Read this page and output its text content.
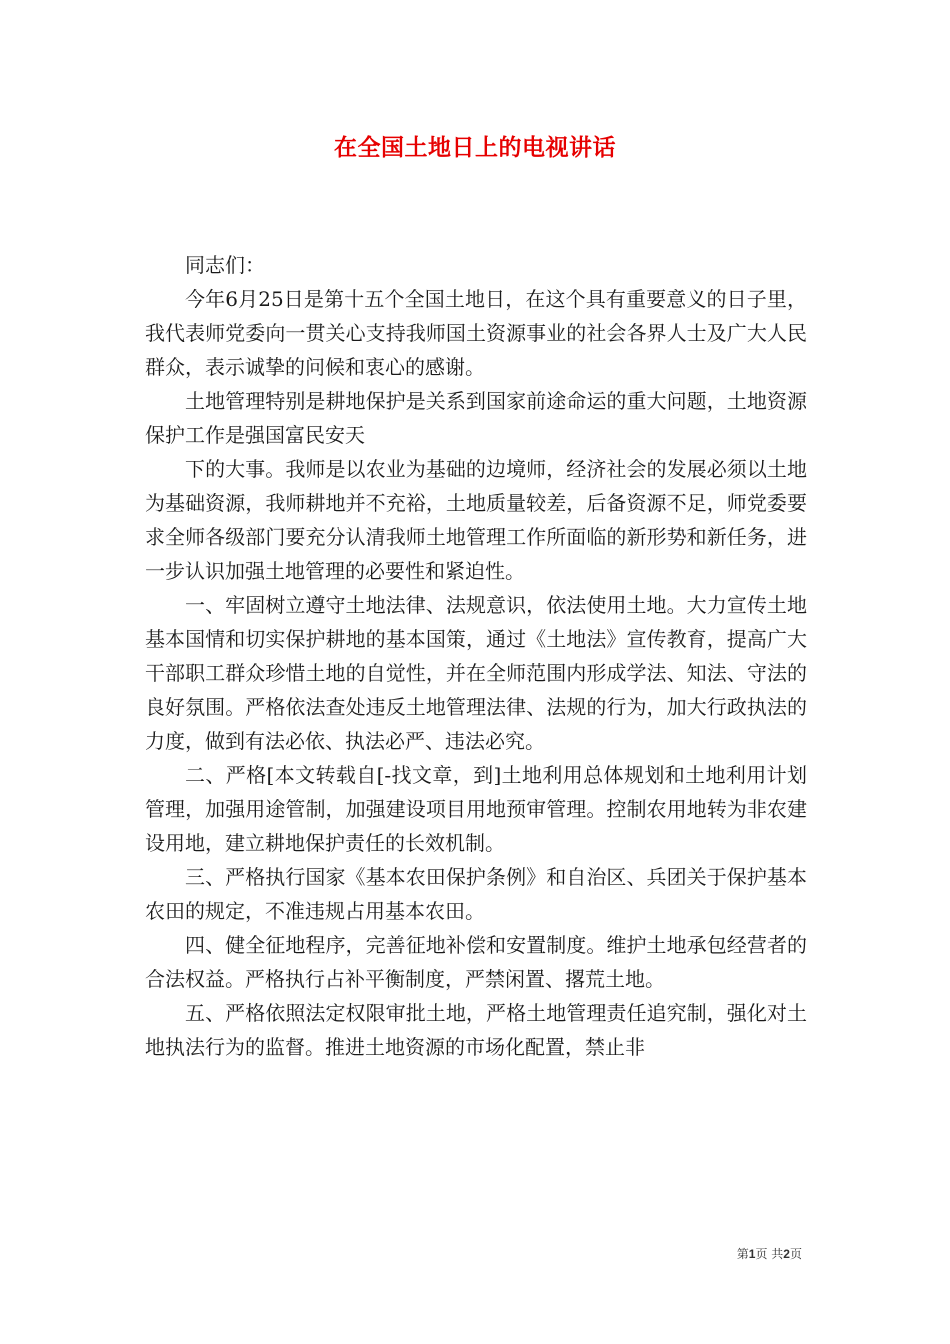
在全国土地日上的电视讲话

同志们：

今年6月25日是第十五个全国土地日，在这个具有重要意义的日子里，我代表师党委向一贯关心支持我师国土资源事业的社会各界人士及广大人民群众，表示诚挚的问候和衷心的感谢。

土地管理特别是耕地保护是关系到国家前途命运的重大问题，土地资源保护工作是强国富民安天

下的大事。我师是以农业为基础的边境师，经济社会的发展必须以土地为基础资源，我师耕地并不充裕，土地质量较差，后备资源不足，师党委要求全师各级部门要充分认清我师土地管理工作所面临的新形势和新任务，进一步认识加强土地管理的必要性和紧迫性。

一、牢固树立遵守土地法律、法规意识，依法使用土地。大力宣传土地基本国情和切实保护耕地的基本国策，通过《土地法》宣传教育，提高广大干部职工群众珍惜土地的自觉性，并在全师范围内形成学法、知法、守法的良好氛围。严格依法查处违反土地管理法律、法规的行为，加大行政执法的力度，做到有法必依、执法必严、违法必究。

二、严格[本文转载自[-找文章，到]土地利用总体规划和土地利用计划管理，加强用途管制，加强建设项目用地预审管理。控制农用地转为非农建设用地，建立耕地保护责任的长效机制。

三、严格执行国家《基本农田保护条例》和自治区、兵团关于保护基本农田的规定，不准违规占用基本农田。

四、健全征地程序，完善征地补偿和安置制度。维护土地承包经营者的合法权益。严格执行占补平衡制度，严禁闲置、撂荒土地。

五、严格依照法定权限审批土地，严格土地管理责任追究制，强化对土地执法行为的监督。推进土地资源的市场化配置，禁止非

第1页 共2页
